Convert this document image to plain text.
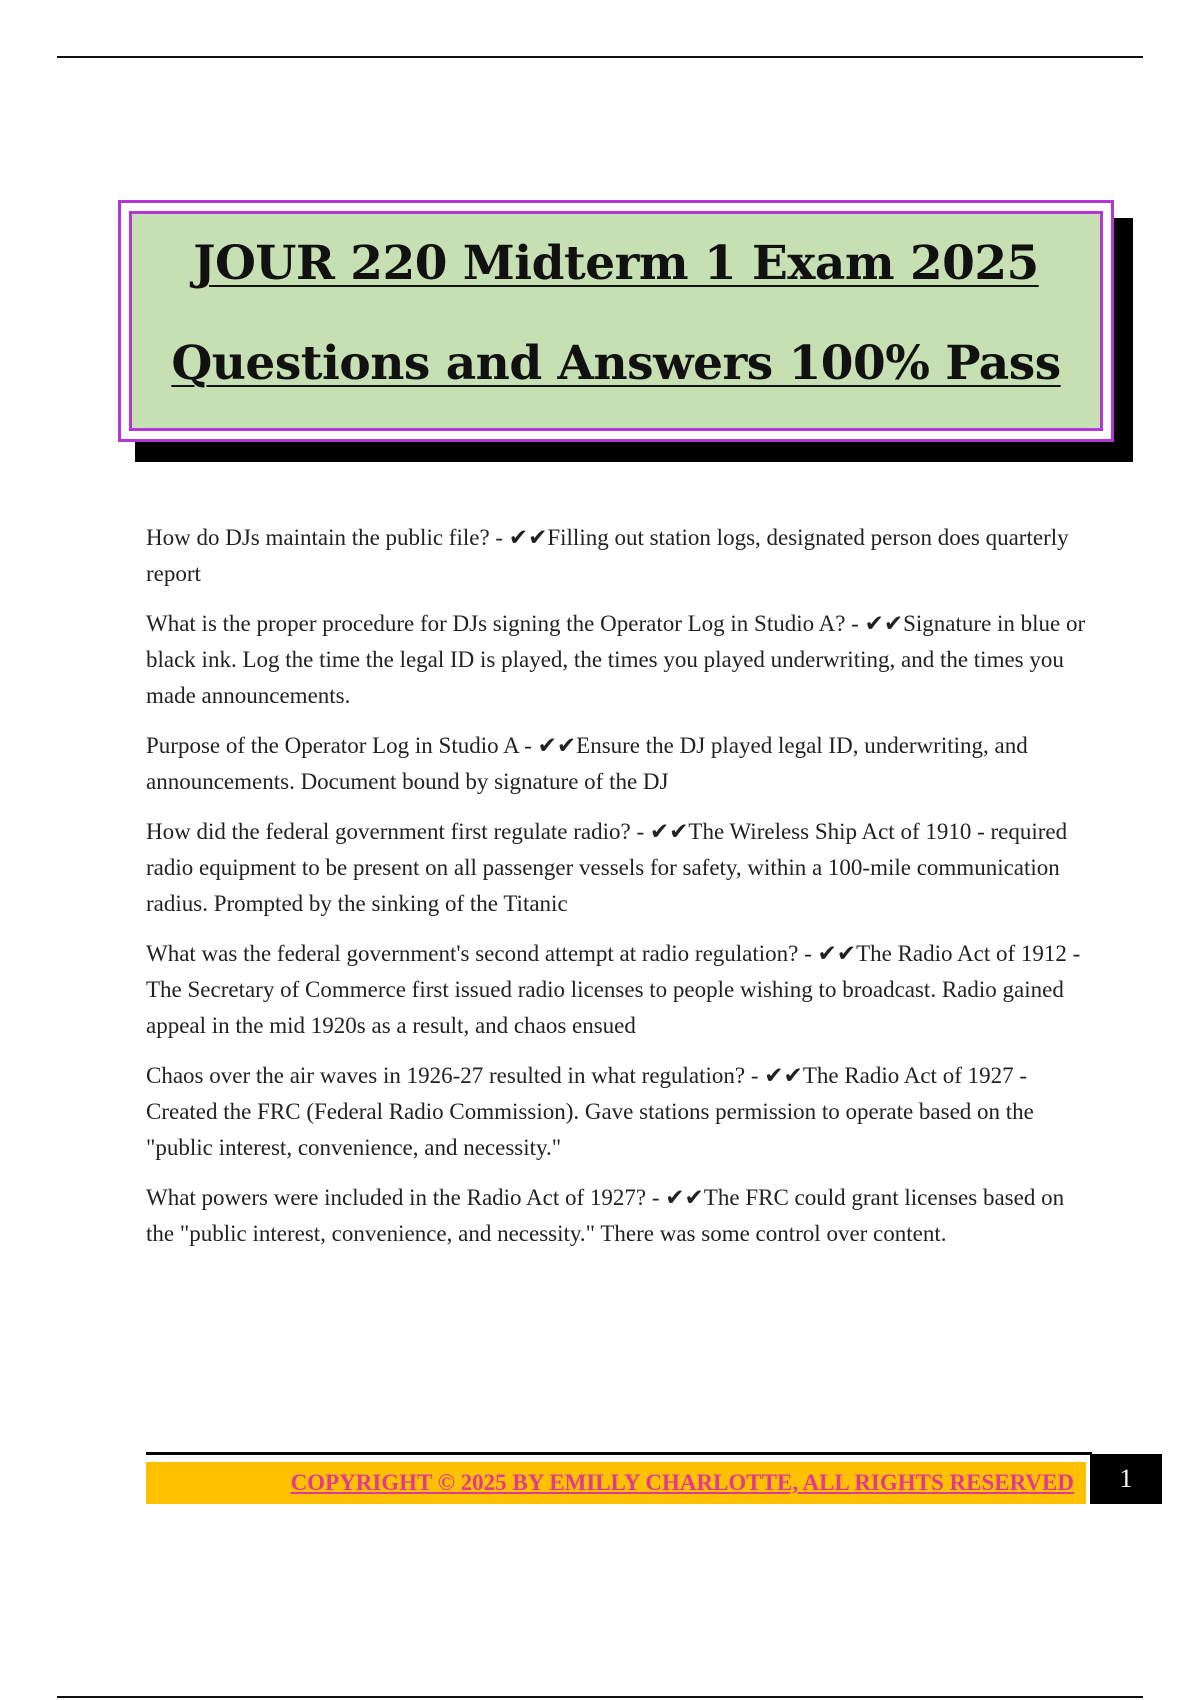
JOUR 220 Midterm 1 Exam 2025
Questions and Answers 100% Pass

How do DJs maintain the public file? - ✔✔Filling out station logs, designated person does quarterly report

What is the proper procedure for DJs signing the Operator Log in Studio A? - ✔✔Signature in blue or black ink. Log the time the legal ID is played, the times you played underwriting, and the times you made announcements.

Purpose of the Operator Log in Studio A - ✔✔Ensure the DJ played legal ID, underwriting, and announcements. Document bound by signature of the DJ

How did the federal government first regulate radio? - ✔✔The Wireless Ship Act of 1910 - required radio equipment to be present on all passenger vessels for safety, within a 100-mile communication radius. Prompted by the sinking of the Titanic

What was the federal government's second attempt at radio regulation? - ✔✔The Radio Act of 1912 - The Secretary of Commerce first issued radio licenses to people wishing to broadcast. Radio gained appeal in the mid 1920s as a result, and chaos ensued

Chaos over the air waves in 1926-27 resulted in what regulation? - ✔✔The Radio Act of 1927 - Created the FRC (Federal Radio Commission). Gave stations permission to operate based on the "public interest, convenience, and necessity."

What powers were included in the Radio Act of 1927? - ✔✔The FRC could grant licenses based on the "public interest, convenience, and necessity." There was some control over content.

COPYRIGHT © 2025 BY EMILLY CHARLOTTE, ALL RIGHTS RESERVED	1
